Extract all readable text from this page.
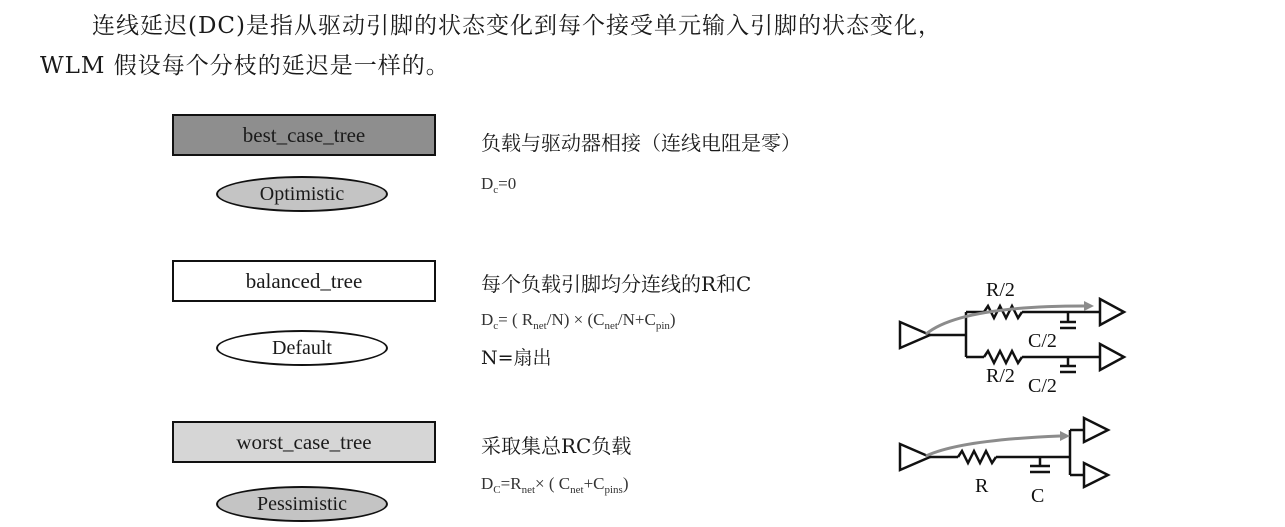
连线延迟(DC)是指从驱动引脚的状态变化到每个接受单元输入引脚的状态变化，
WLM 假设每个分枝的延迟是一样的。
best_case_tree
Optimistic
负载与驱动器相接（连线电阻是零）
$D_c=0$
balanced_tree
Default
每个负载引脚均分连线的R和C
$D_c=$ ( $R_{net}/N) \times (C_{net}/N+C_{pin})$
N=扇出
worst_case_tree
Pessimistic
采取集总RC负载
$D_C=R_{net}\times$ ( $C_{net}+C_{pins}$)
R/2
C/2
R/2 C/2
R C
